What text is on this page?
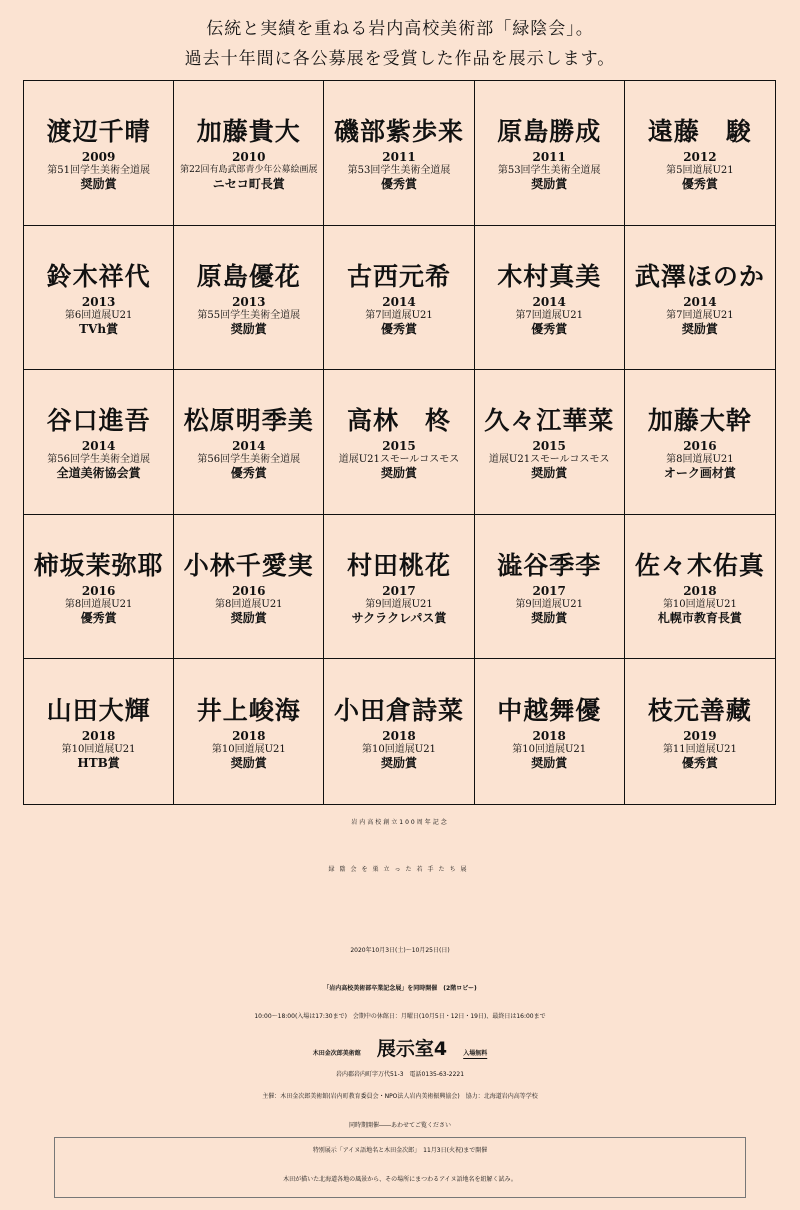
伝統と実績を重ねる岩内高校美術部「緑陰会」。
過去十年間に各公募展を受賞した作品を展示します。
渡辺千晴
2009
第51回学生美術全道展
奨励賞
加藤貴大
2010
第22回有島武郎青少年公募絵画展
ニセコ町長賞
磯部紫歩来
2011
第53回学生美術全道展
優秀賞
原島勝成
2011
第53回学生美術全道展
奨励賞
遠藤　駿
2012
第5回道展U21
優秀賞
鈴木祥代
2013
第6回道展U21
TVh賞
原島優花
2013
第55回学生美術全道展
奨励賞
古西元希
2014
第7回道展U21
優秀賞
木村真美
2014
第7回道展U21
優秀賞
武澤ほのか
2014
第7回道展U21
奨励賞
谷口進吾
2014
第56回学生美術全道展
全道美術協会賞
松原明季美
2014
第56回学生美術全道展
優秀賞
高林　柊
2015
道展U21スモールコスモス
奨励賞
久々江華菜
2015
道展U21スモールコスモス
奨励賞
加藤大幹
2016
第8回道展U21
オーク画材賞
柿坂茉弥耶
2016
第8回道展U21
優秀賞
小林千愛実
2016
第8回道展U21
奨励賞
村田桃花
2017
第9回道展U21
サクラクレパス賞
澁谷季李
2017
第9回道展U21
奨励賞
佐々木佑真
2018
第10回道展U21
札幌市教育長賞
山田大輝
2018
第10回道展U21
HTB賞
井上峻海
2018
第10回道展U21
奨励賞
小田倉詩菜
2018
第10回道展U21
奨励賞
中越舞優
2018
第10回道展U21
奨励賞
枝元善藏
2019
第11回道展U21
優秀賞
岩内高校創立100周年記念
緑陰会を巣立った若手たち展
2020年10月3日(土)～10月25日(日)
「岩内高校美術部卒業記念展」を同時開催　(2階ロビー)
10:00～18:00(入場は17:30まで)　会期中の休館日：月曜日(10月5日・12日・19日)、最終日は16:00まで
木田金次郎美術館 展示室4	入場無料
岩内郡岩内町字万代51-3　電話0135-63-2221
主催：木田金次郎美術館(岩内町教育委員会・NPO法人岩内美術振興協会)　協力：北海道岩内高等学校
同時期開催――あわせてご覧ください
特別展示「アイヌ語地名と木田金次郎」　11月3日(火祝)まで開催
木田が描いた北海道各地の風景から、その場所にまつわるアイヌ語地名を紐解く試み。
